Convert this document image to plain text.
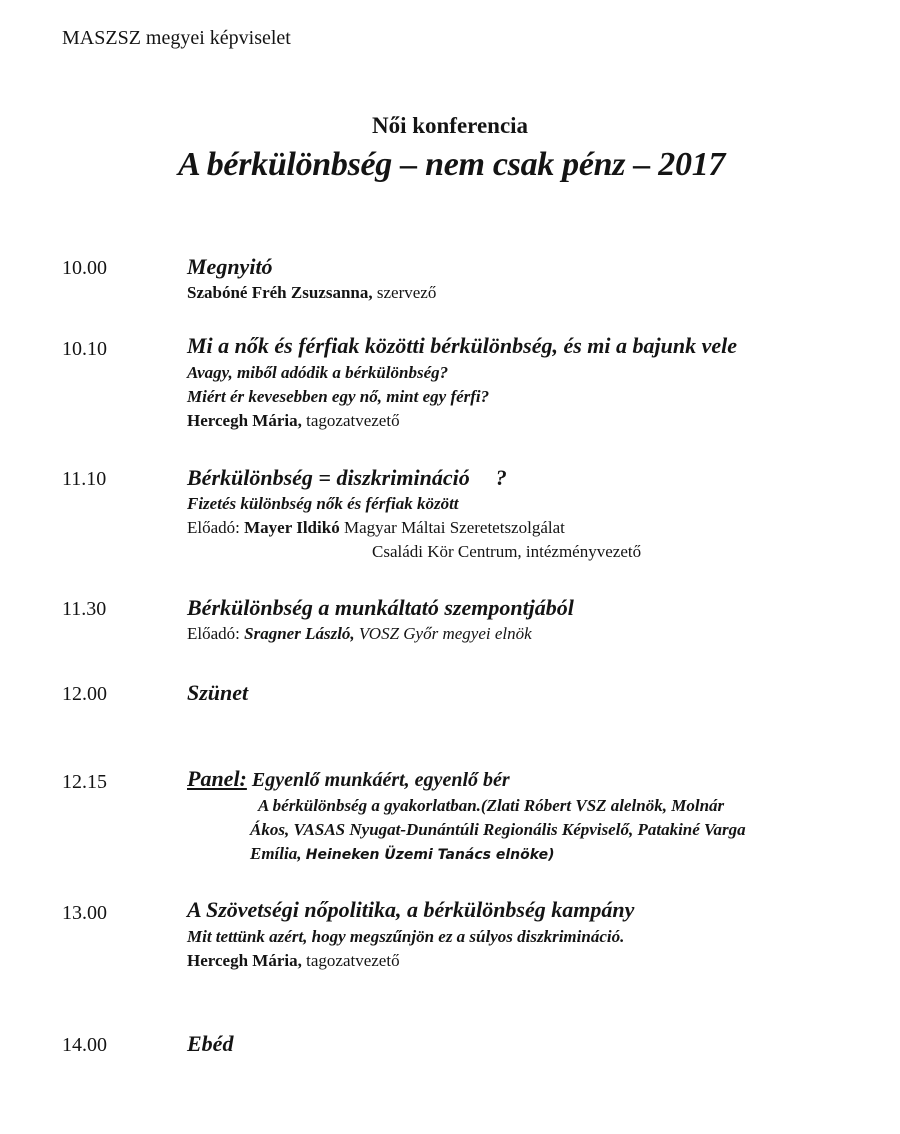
MASZSZ megyei képviselet
Női konferencia
A bérkülönbség – nem csak pénz – 2017
10.00	Megnyitó
Szabóné Fréh Zsuzsanna, szervező
10.10	Mi a nők és férfiak közötti bérkülönbség, és mi a bajunk vele
Avagy, miből adódik a bérkülönbség?
Miért ér kevesebben egy nő, mint egy férfi?
Hercegh Mária, tagozatvezető
11.10	Bérkülönbség = diszkrimináció ?
Fizetés különbség nők és férfiak között
Előadó: Mayer Ildikó Magyar Máltai Szeretetszolgálat
Családi Kör Centrum, intézményvezető
11.30	Bérkülönbség a munkáltató szempontjából
Előadó: Sragner László, VOSZ Győr megyei elnök
12.00	Szünet
12.15	Panel: Egyenlő munkáért, egyenlő bér
A bérkülönbség a gyakorlatban.(Zlati Róbert VSZ alelnök, Molnár
Ákos, VASAS Nyugat-Dunántúli Regionális Képviselő, Patakiné Varga
Emília, Heineken Üzemi Tanács elnöke)
13.00	A Szövetségi nőpolitika, a bérkülönbség kampány
Mit tettünk azért, hogy megszűnjön ez a súlyos diszkrimináció.
Hercegh Mária, tagozatvezető
14.00	Ebéd
